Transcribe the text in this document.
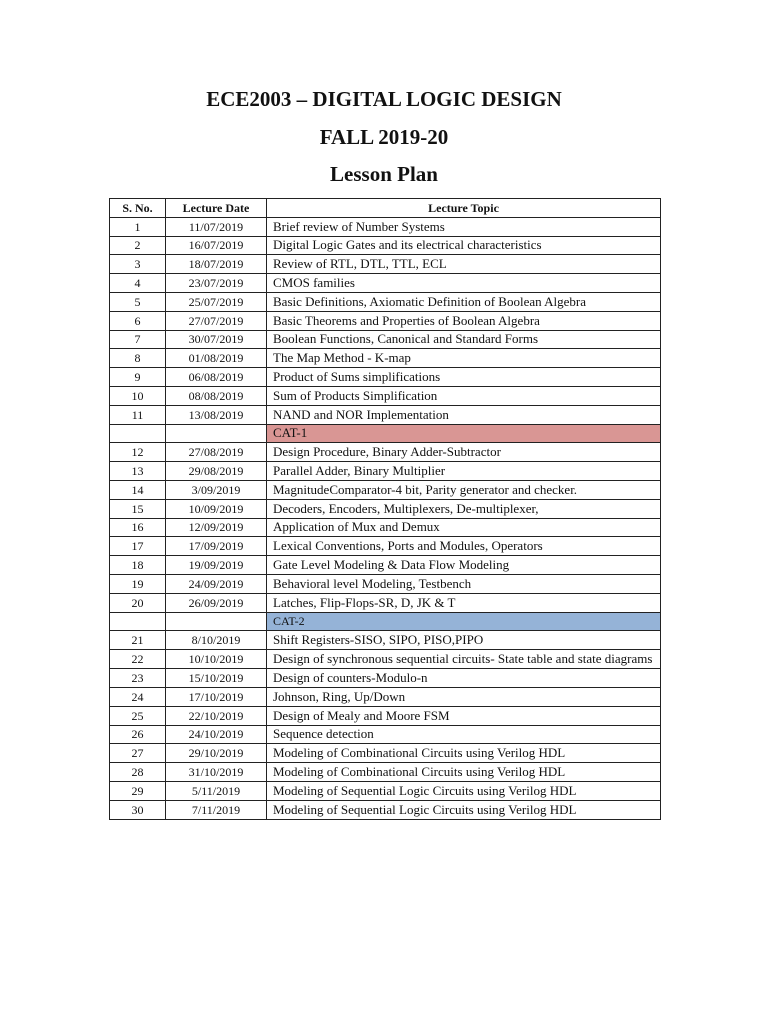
ECE2003 – DIGITAL LOGIC DESIGN
FALL 2019-20
Lesson Plan
S. No.	Lecture Date	Lecture Topic
1	11/07/2019	Brief review of Number Systems
2	16/07/2019	Digital Logic Gates and its electrical characteristics
3	18/07/2019	Review of RTL, DTL, TTL, ECL
4	23/07/2019	CMOS families
5	25/07/2019	Basic Definitions, Axiomatic Definition of Boolean Algebra
6	27/07/2019	Basic Theorems and Properties of Boolean Algebra
7	30/07/2019	Boolean Functions, Canonical and Standard Forms
8	01/08/2019	The Map Method - K-map
9	06/08/2019	Product of Sums simplifications
10	08/08/2019	Sum of Products Simplification
11	13/08/2019	NAND and NOR Implementation
		CAT-1
12	27/08/2019	Design Procedure, Binary Adder-Subtractor
13	29/08/2019	Parallel Adder, Binary Multiplier
14	3/09/2019	MagnitudeComparator-4 bit, Parity generator and checker.
15	10/09/2019	Decoders, Encoders, Multiplexers, De-multiplexer,
16	12/09/2019	Application of Mux and Demux
17	17/09/2019	Lexical Conventions, Ports and Modules, Operators
18	19/09/2019	Gate Level Modeling & Data Flow Modeling
19	24/09/2019	Behavioral level Modeling, Testbench
20	26/09/2019	Latches, Flip-Flops-SR, D, JK & T
		CAT-2
21	8/10/2019	Shift Registers-SISO, SIPO, PISO,PIPO
22	10/10/2019	Design of synchronous sequential circuits- State table and state diagrams
23	15/10/2019	Design of counters-Modulo-n
24	17/10/2019	Johnson, Ring, Up/Down
25	22/10/2019	Design of Mealy and Moore FSM
26	24/10/2019	Sequence detection
27	29/10/2019	Modeling of Combinational Circuits using Verilog HDL
28	31/10/2019	Modeling of Combinational Circuits using Verilog HDL
29	5/11/2019	Modeling of Sequential Logic Circuits using Verilog HDL
30	7/11/2019	Modeling of Sequential Logic Circuits using Verilog HDL
